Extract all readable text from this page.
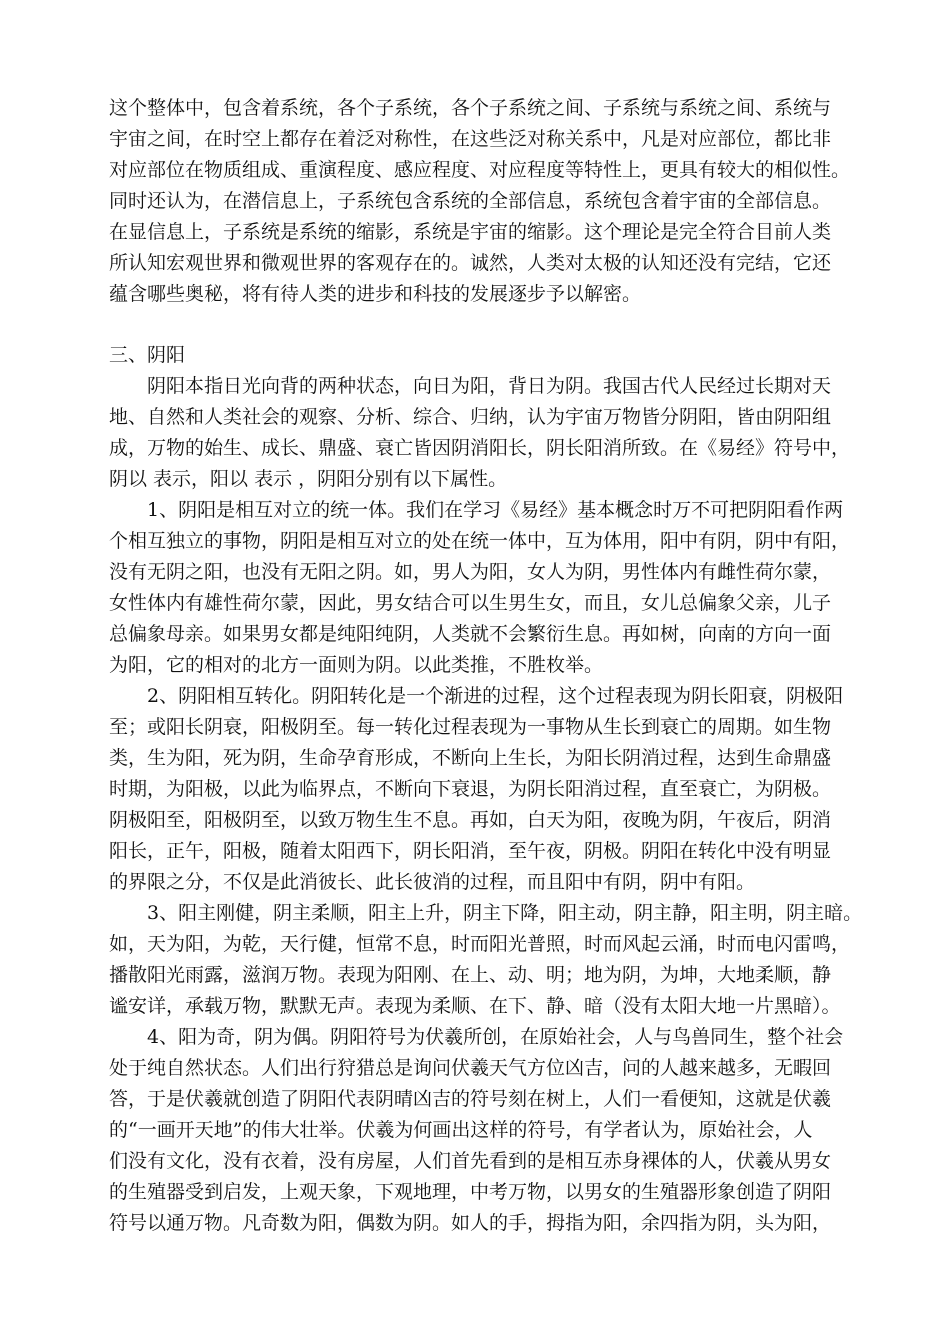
这个整体中，包含着系统，各个子系统，各个子系统之间、子系统与系统之间、系统与
宇宙之间，在时空上都存在着泛对称性，在这些泛对称关系中，凡是对应部位，都比非
对应部位在物质组成、重演程度、感应程度、对应程度等特性上，更具有较大的相似性。
同时还认为，在潜信息上，子系统包含系统的全部信息，系统包含着宇宙的全部信息。
在显信息上，子系统是系统的缩影，系统是宇宙的缩影。这个理论是完全符合目前人类
所认知宏观世界和微观世界的客观存在的。诚然，人类对太极的认知还没有完结，它还
蕴含哪些奥秘，将有待人类的进步和科技的发展逐步予以解密。
三、阴阳
阴阳本指日光向背的两种状态，向日为阳，背日为阴。我国古代人民经过长期对天
地、自然和人类社会的观察、分析、综合、归纳，认为宇宙万物皆分阴阳，皆由阴阳组
成，万物的始生、成长、鼎盛、衰亡皆因阴消阳长，阴长阳消所致。在《易经》符号中，
阴以 表示，阳以 表示 ，阴阳分别有以下属性。
1、阴阳是相互对立的统一体。我们在学习《易经》基本概念时万不可把阴阳看作两
个相互独立的事物，阴阳是相互对立的处在统一体中，互为体用，阳中有阴，阴中有阳，
没有无阴之阳，也没有无阳之阴。如，男人为阳，女人为阴，男性体内有雌性荷尔蒙，
女性体内有雄性荷尔蒙，因此，男女结合可以生男生女，而且，女儿总偏象父亲，儿子
总偏象母亲。如果男女都是纯阳纯阴，人类就不会繁衍生息。再如树，向南的方向一面
为阳，它的相对的北方一面则为阴。以此类推，不胜枚举。
2、阴阳相互转化。阴阳转化是一个渐进的过程，这个过程表现为阴长阳衰，阴极阳
至；或阳长阴衰，阳极阴至。每一转化过程表现为一事物从生长到衰亡的周期。如生物
类，生为阳，死为阴，生命孕育形成，不断向上生长，为阳长阴消过程，达到生命鼎盛
时期，为阳极，以此为临界点，不断向下衰退，为阴长阳消过程，直至衰亡，为阴极。
阴极阳至，阳极阴至，以致万物生生不息。再如，白天为阳，夜晚为阴，午夜后，阴消
阳长，正午，阳极，随着太阳西下，阴长阳消，至午夜，阴极。阴阳在转化中没有明显
的界限之分，不仅是此消彼长、此长彼消的过程，而且阳中有阴，阴中有阳。
3、阳主刚健，阴主柔顺，阳主上升，阴主下降，阳主动，阴主静，阳主明，阴主暗。
如，天为阳，为乾，天行健，恒常不息，时而阳光普照，时而风起云涌，时而电闪雷鸣，
播散阳光雨露，滋润万物。表现为阳刚、在上、动、明；地为阴，为坤，大地柔顺，静
谧安详，承载万物，默默无声。表现为柔顺、在下、静、暗（没有太阳大地一片黑暗）。
4、阳为奇，阴为偶。阴阳符号为伏羲所创，在原始社会，人与鸟兽同生，整个社会
处于纯自然状态。人们出行狩猎总是询问伏羲天气方位凶吉，问的人越来越多，无暇回
答，于是伏羲就创造了阴阳代表阴晴凶吉的符号刻在树上，人们一看便知，这就是伏羲
的“一画开天地”的伟大壮举。伏羲为何画出这样的符号，有学者认为，原始社会，人
们没有文化，没有衣着，没有房屋，人们首先看到的是相互赤身裸体的人，伏羲从男女
的生殖器受到启发，上观天象，下观地理，中考万物，以男女的生殖器形象创造了阴阳
符号以通万物。凡奇数为阳，偶数为阴。如人的手，拇指为阳，余四指为阴，头为阳，
